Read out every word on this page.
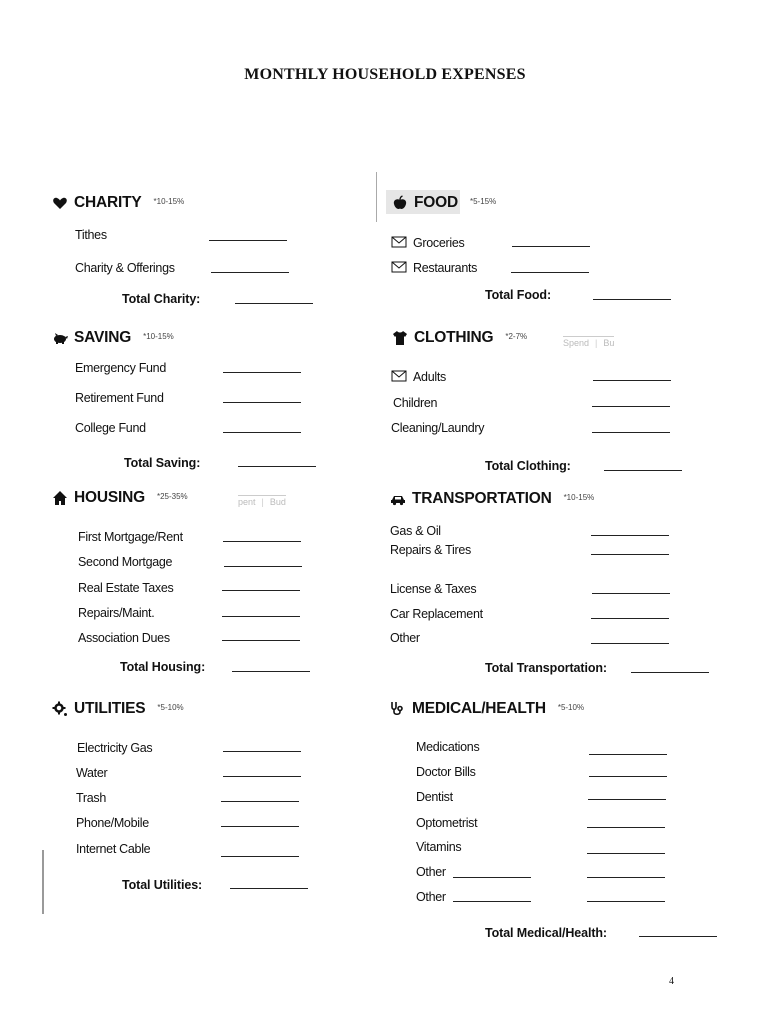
MONTHLY HOUSEHOLD EXPENSES
CHARITY *10-15%
Tithes
Charity & Offerings
Total Charity:
FOOD *5-15%
Groceries
Restaurants
Total Food:
SAVING *10-15%
Emergency Fund
Retirement Fund
College Fund
Total Saving:
CLOTHING *2-7%
Spend | Bu
Adults
Children
Cleaning/Laundry
Total Clothing:
HOUSING *25-35%
pent | Bud
First Mortgage/Rent
Second Mortgage
Real Estate Taxes
Repairs/Maint.
Association Dues
Total Housing:
TRANSPORTATION *10-15%
Gas & Oil
Repairs & Tires
License & Taxes
Car Replacement
Other
Total Transportation:
UTILITIES *5-10%
Electricity Gas
Water
Trash
Phone/Mobile
Internet Cable
Total Utilities:
MEDICAL/HEALTH *5-10%
Medications
Doctor Bills
Dentist
Optometrist
Vitamins
Other
Other
Total Medical/Health:
4
